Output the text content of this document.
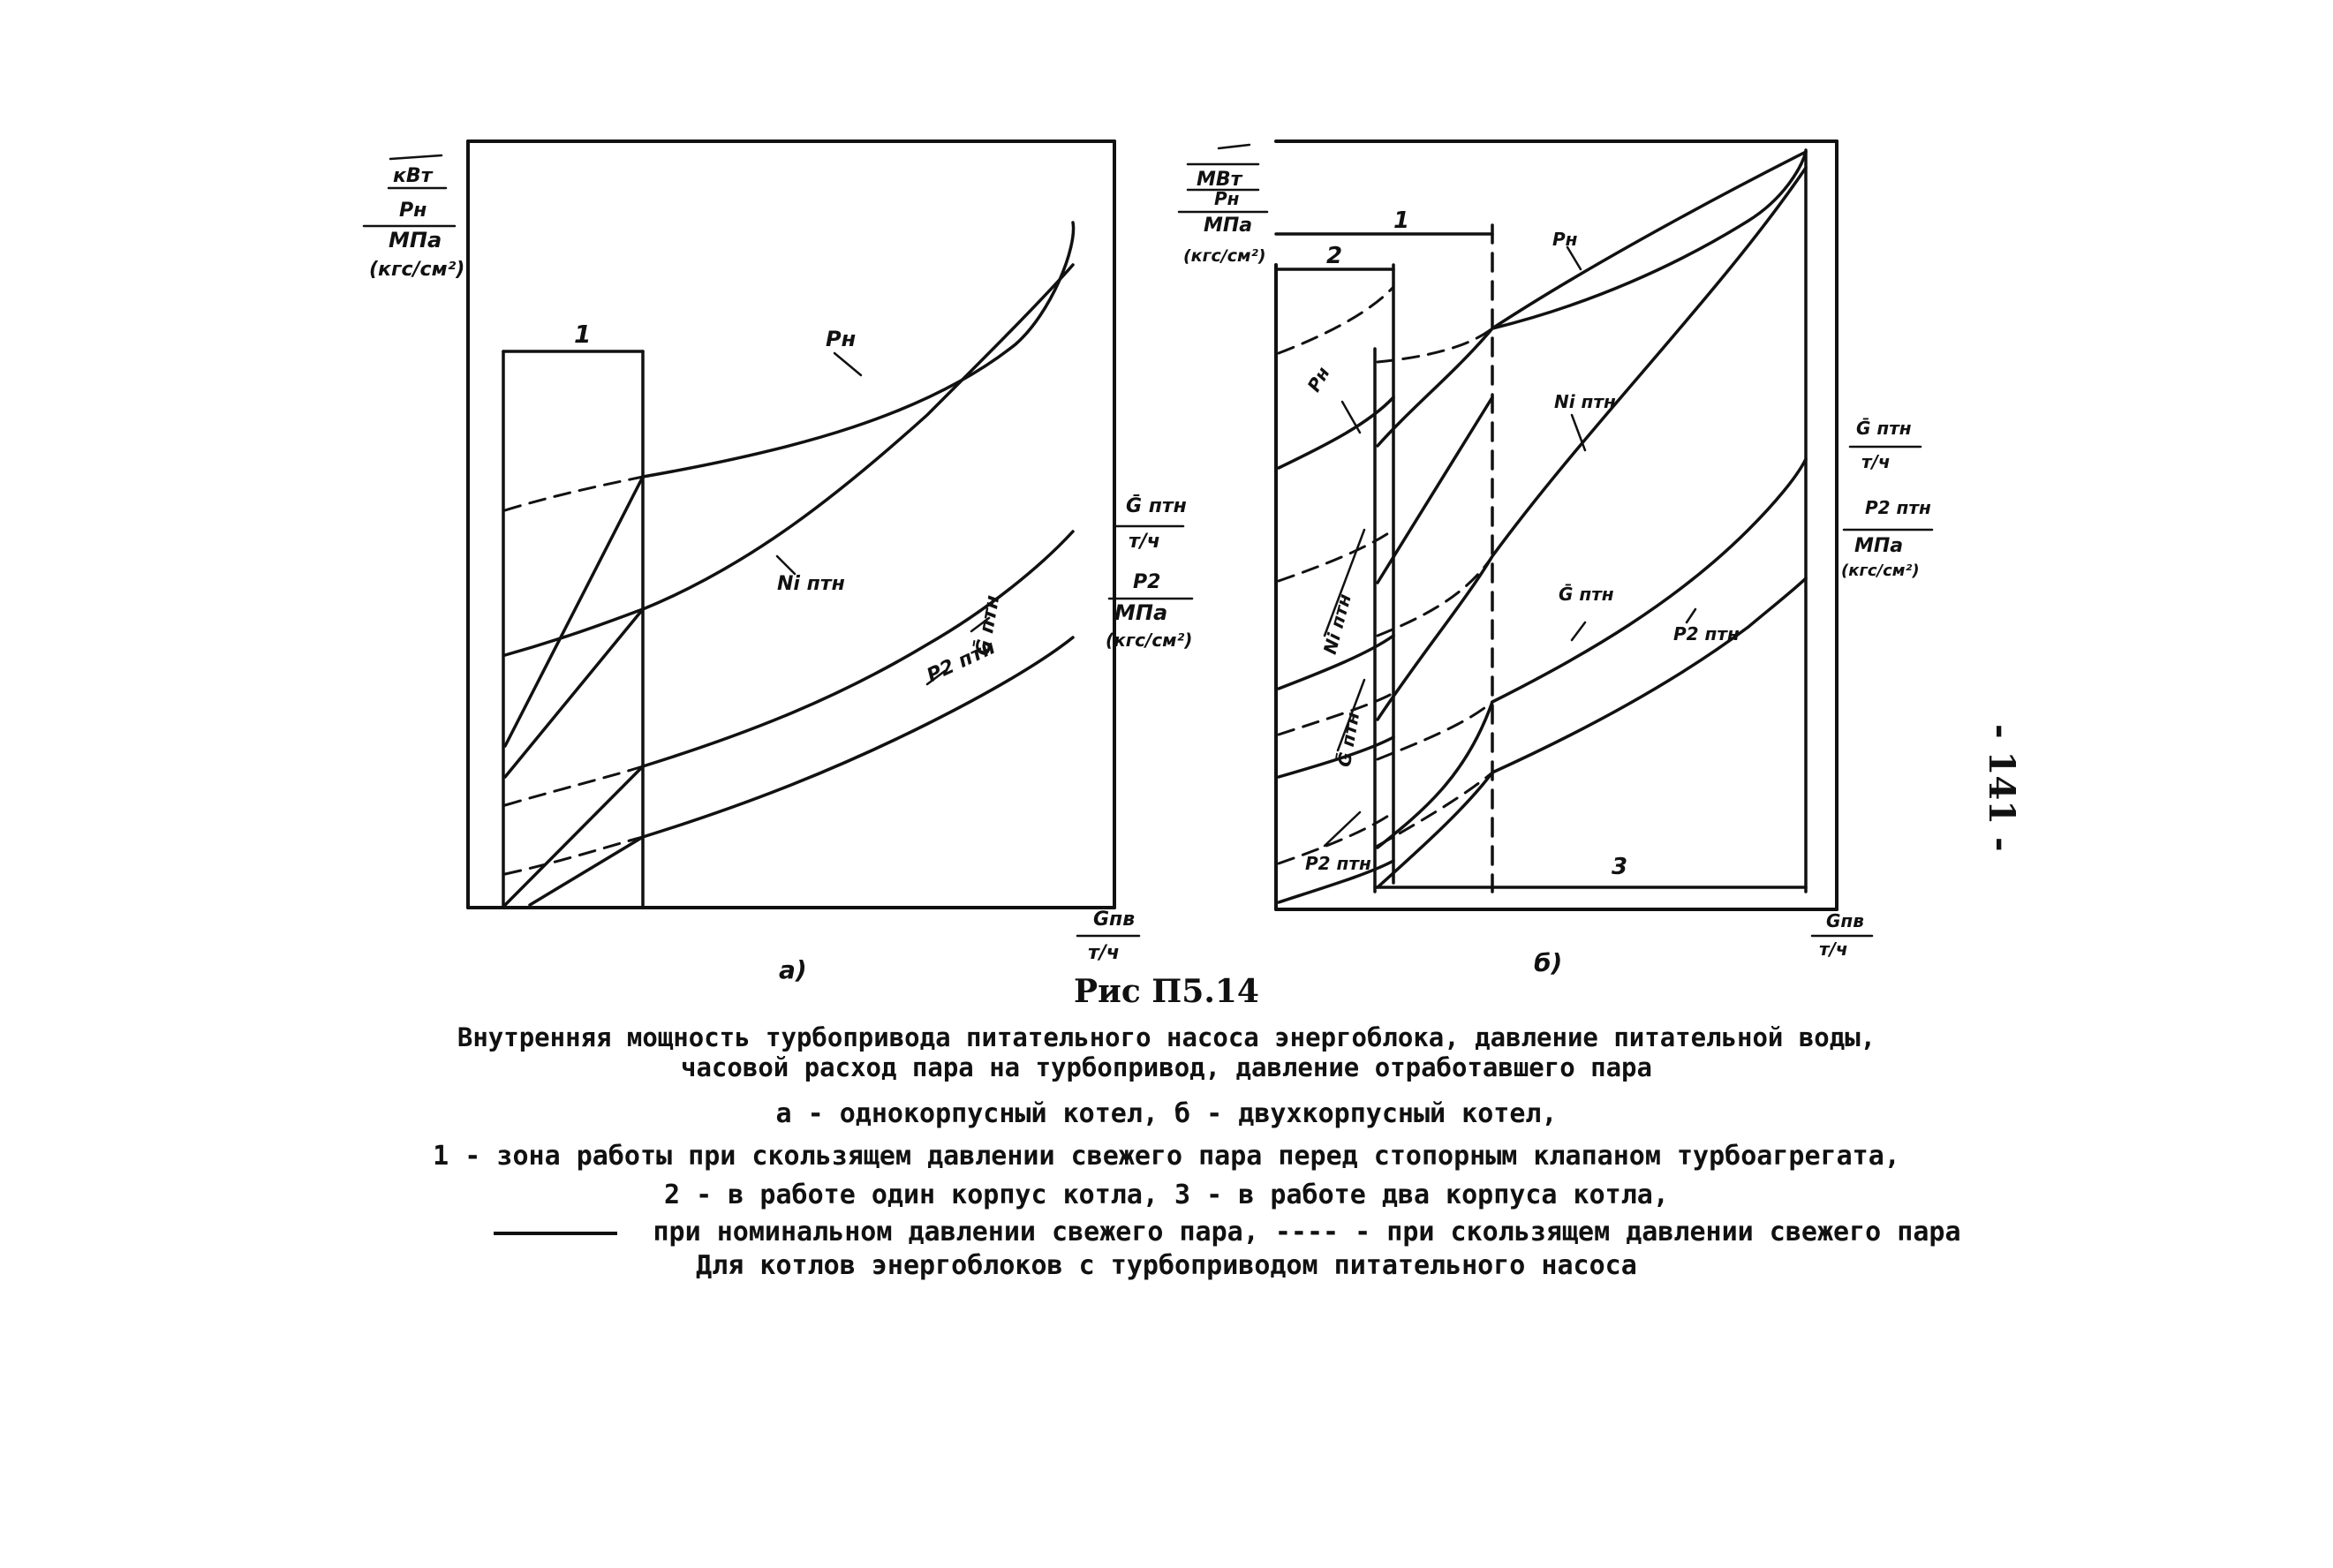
1	Pн
Ni птн
Ḡ птн
P2 птн
кВт
Pн
МПа
(кгс/см²)
Ḡ птн
т/ч
P2
МПа
(кгс/см²)
Gпв
т/ч
а)
1
2
3
Pн
Ni птн
Ḡ птн
P2 птн
Pн
Ni птн
Ḡ птн
P2 птн
МВт
Pн
МПа
(кгс/см²)
Ḡ птн
т/ч
P2 птн
МПа
(кгс/см²)
Gпв
т/ч
б)
Рис П5.14
Внутренняя мощность турбопривода питательного насоса энергоблока, давление питательной воды,
часовой расход пара на турбопривод, давление отработавшего пара
а - однокорпусный котел, б - двухкорпусный котел,
1 - зона работы при скользящем давлении свежего пара перед стопорным клапаном турбоагрегата,
2 - в работе один корпус котла, 3 - в работе два корпуса котла,
при номинальном давлении свежего пара, ---- - при скользящем давлении свежего пара
Для котлов энергоблоков с турбоприводом питательного насоса
- 141 -
